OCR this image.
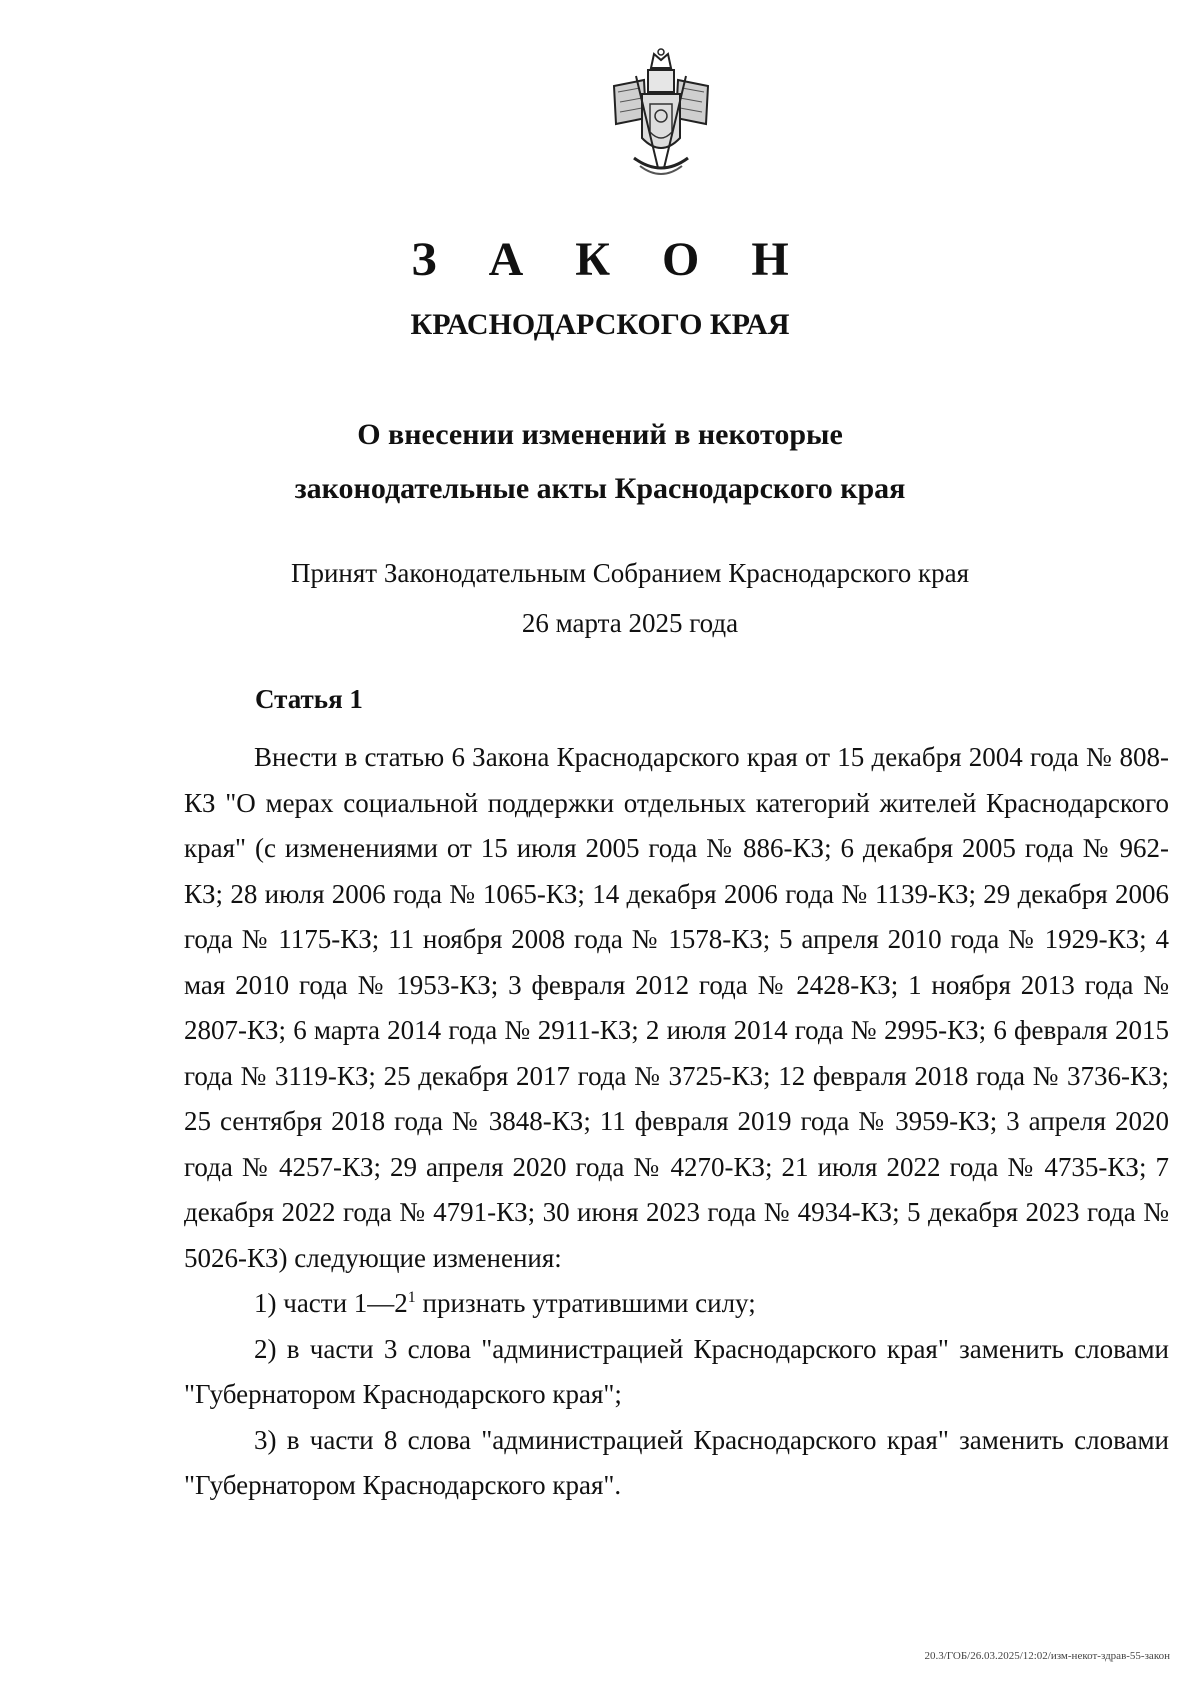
З А К О Н
КРАСНОДАРСКОГО КРАЯ
О внесении изменений в некоторые
законодательные акты Краснодарского края
Принят Законодательным Собранием Краснодарского края
26 марта 2025 года
Статья 1

Внести в статью 6 Закона Краснодарского края от 15 декабря 2004 года № 808-КЗ "О мерах социальной поддержки отдельных категорий жителей Краснодарского края" (с изменениями от 15 июля 2005 года № 886-КЗ; 6 декабря 2005 года № 962-КЗ; 28 июля 2006 года № 1065-КЗ; 14 декабря 2006 года № 1139-КЗ; 29 декабря 2006 года № 1175-КЗ; 11 ноября 2008 года № 1578-КЗ; 5 апреля 2010 года № 1929-КЗ; 4 мая 2010 года № 1953-КЗ; 3 февраля 2012 года № 2428-КЗ; 1 ноября 2013 года № 2807-КЗ; 6 марта 2014 года № 2911-КЗ; 2 июля 2014 года № 2995-КЗ; 6 февраля 2015 года № 3119-КЗ; 25 декабря 2017 года № 3725-КЗ; 12 февраля 2018 года № 3736-КЗ; 25 сентября 2018 года № 3848-КЗ; 11 февраля 2019 года № 3959-КЗ; 3 апреля 2020 года № 4257-КЗ; 29 апреля 2020 года № 4270-КЗ; 21 июля 2022 года № 4735-КЗ; 7 декабря 2022 года № 4791-КЗ; 30 июня 2023 года № 4934-КЗ; 5 декабря 2023 года № 5026-КЗ) следующие изменения:

1) части $1—2^1$ признать утратившими силу;

2) в части 3 слова "администрацией Краснодарского края" заменить словами "Губернатором Краснодарского края";

3) в части 8 слова "администрацией Краснодарского края" заменить словами "Губернатором Краснодарского края".

20.3/ГОБ/26.03.2025/12:02/изм-некот-здрав-55-закон
